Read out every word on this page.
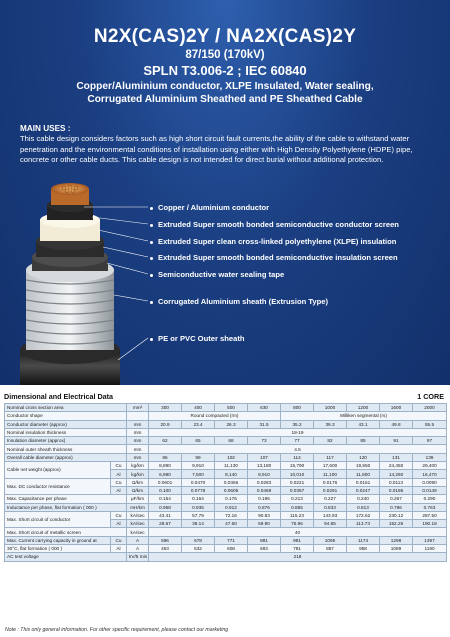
N2X(CAS)2Y / NA2X(CAS)2Y
87/150 (170kV)
SPLN T3.006-2 ; IEC 60840
Copper/Aluminium conductor, XLPE Insulated, Water sealing,
Corrugated Aluminium Sheathed and PE Sheathed Cable
MAIN USES :
This cable design considers factors such as high short circuit fault currents,the ability of the cable to withstand water penetration and the environmental conditions of installation using either with High Density Polyethylene (HDPE) pipe, concrete or other cable ducts. This cable design is not intended for direct burial without additional protection.
Copper / Aluminium conductor
Extruded Super smooth bonded semiconductive conductor screen
Extruded Super clean cross-linked polyethylene (XLPE) insulation
Extruded Super smooth bonded semiconductive insulation screen
Semiconductive water sealing tape
Corrugated Aluminium sheath (Extrusion Type)
PE or PVC Outer sheath
Dimensional and Electrical Data	1 CORE
Nominal cross section area		mm²	300	400	500	630	800	1000	1200	1600	2000
Conductor shape			Round compacted (rm)				Milliken segmental (rs)				
Conductor diameter (approx)		mm	20.9	23.4	26.3	31.5	35.2	39.3	43.1	49.8	55.5
Nominal insulation thickness		mm	18-19								
Insulation diameter (approx)		mm	62	65	68	73	77	82	85	91	97
Nominal outer sheath thickness		mm	4.5								
Overall cable diameter (approx)		mm	96	99	102	107	114	117	120	131	139
Cable net weight (approx)	Cu	kg/km	8,890	9,910	11,130	13,180	15,790	17,600	19,550	24,450	29,400
	Al	kg/km	6,980	7,500	8,140	8,910	10,010	11,100	11,800	14,260	16,470
Max. DC conductor resistance	Cu	Ω/km	0.0601	0.0470	0.0366	0.0283	0.0221	0.0176	0.0151	0.0113	0.0090
	Al	Ω/km	0.100	0.0778	0.0605	0.0469	0.0367	0.0291	0.0247	0.0186	0.0149
Max. Capacitance per phase		µF/km	0.154	0.164	0.176	0.196	0.213	0.227	0.240	0.267	0.290
Inductance per phase, flat formation ( 000 )		mH/km	0.958	0.935	0.912	0.876	0.855	0.833	0.813	0.786	0.763
Max. Short circuit of conductor	Cu	kA/sec	43.41	57.79	72.16	90.83	115.23	143.93	172.62	230.12	287.50
	Al	kA/sec	28.67	38.14	47.60	59.90	75.96	94.85	113.73	152.26	190.18
Max. Short circuit of metallic screen		kA/sec	40								
Max. Current carrying capacity in ground at	Cu	A	596	678	771	881	981	1095	1174	1298	1397
30°C, flat formation ( 000 )	Al	A	463	532	608	693	781	887	958	1089	1190
AC test voltage		kV/5 min	218								
Note : This only general information. For other specific requirement, please contact our marketing
